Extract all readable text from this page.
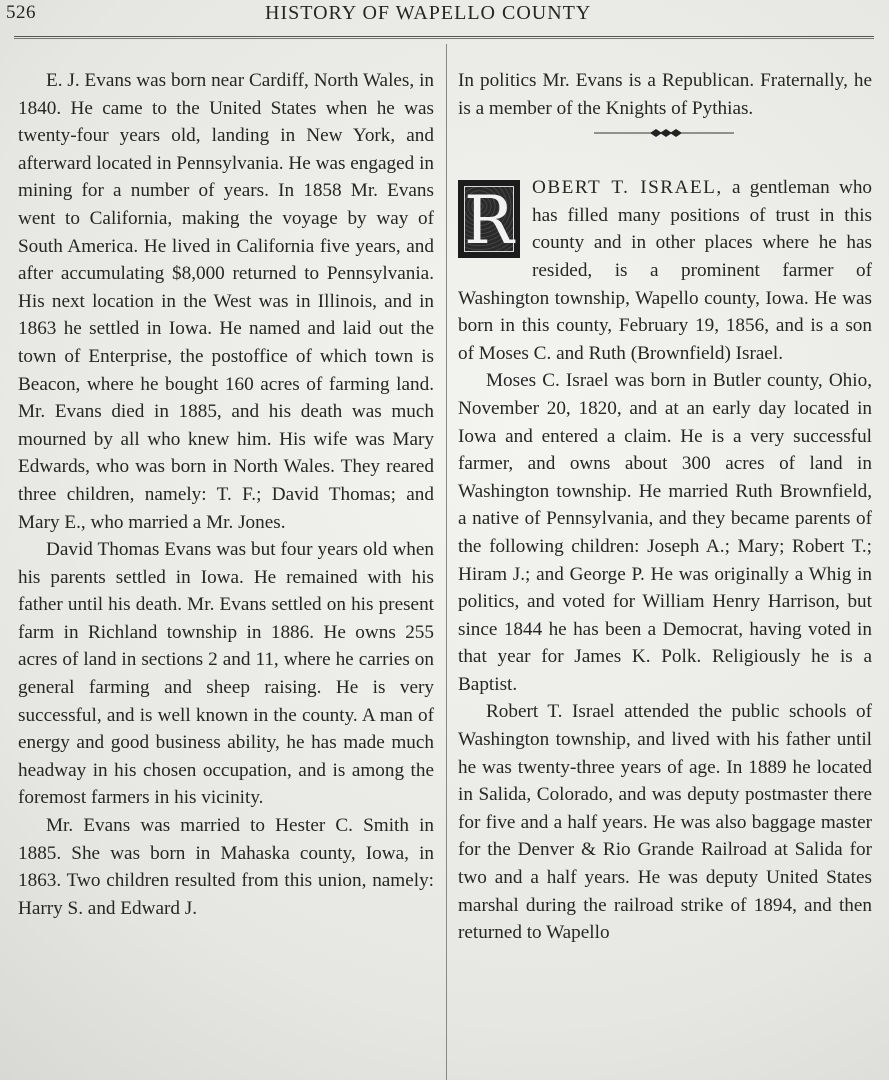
526	HISTORY OF WAPELLO COUNTY

E. J. Evans was born near Cardiff, North Wales, in 1840. He came to the United States when he was twenty-four years old, landing in New York, and afterward located in Pennsylvania. He was engaged in mining for a number of years. In 1858 Mr. Evans went to California, making the voyage by way of South America. He lived in California five years, and after accumulating $8,000 returned to Pennsylvania. His next location in the West was in Illinois, and in 1863 he settled in Iowa. He named and laid out the town of Enterprise, the postoffice of which town is Beacon, where he bought 160 acres of farming land. Mr. Evans died in 1885, and his death was much mourned by all who knew him. His wife was Mary Edwards, who was born in North Wales. They reared three children, namely: T. F.; David Thomas; and Mary E., who married a Mr. Jones.

David Thomas Evans was but four years old when his parents settled in Iowa. He remained with his father until his death. Mr. Evans settled on his present farm in Richland township in 1886. He owns 255 acres of land in sections 2 and 11, where he carries on general farming and sheep raising. He is very successful, and is well known in the county. A man of energy and good business ability, he has made much headway in his chosen occupation, and is among the foremost farmers in his vicinity.

Mr. Evans was married to Hester C. Smith in 1885. She was born in Mahaska county, Iowa, in 1863. Two children resulted from this union, namely: Harry S. and Edward J.

In politics Mr. Evans is a Republican. Fraternally, he is a member of the Knights of Pythias.

R OBERT T. ISRAEL, a gentleman who has filled many positions of trust in this county and in other places where he has resided, is a prominent farmer of Washington township, Wapello county, Iowa. He was born in this county, February 19, 1856, and is a son of Moses C. and Ruth (Brownfield) Israel.

Moses C. Israel was born in Butler county, Ohio, November 20, 1820, and at an early day located in Iowa and entered a claim. He is a very successful farmer, and owns about 300 acres of land in Washington township. He married Ruth Brownfield, a native of Pennsylvania, and they became parents of the following children: Joseph A.; Mary; Robert T.; Hiram J.; and George P. He was originally a Whig in politics, and voted for William Henry Harrison, but since 1844 he has been a Democrat, having voted in that year for James K. Polk. Religiously he is a Baptist.

Robert T. Israel attended the public schools of Washington township, and lived with his father until he was twenty-three years of age. In 1889 he located in Salida, Colorado, and was deputy postmaster there for five and a half years. He was also baggage master for the Denver & Rio Grande Railroad at Salida for two and a half years. He was deputy United States marshal during the railroad strike of 1894, and then returned to Wapello
